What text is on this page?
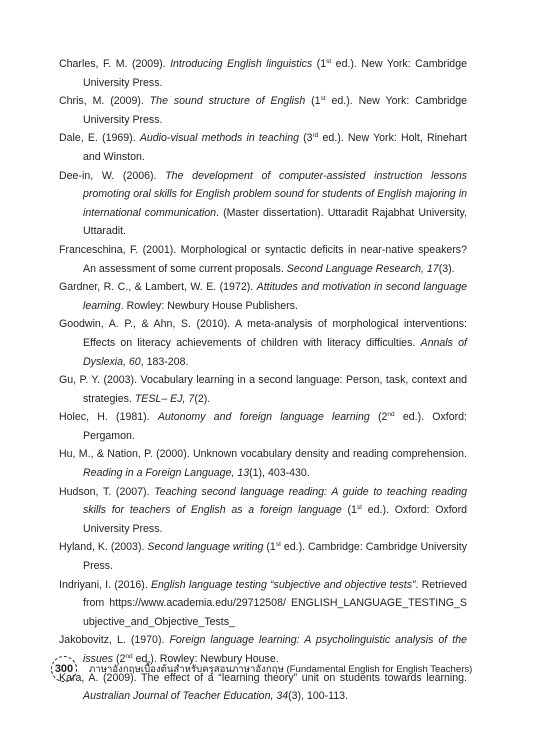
Charles, F. M. (2009). Introducing English linguistics (1st ed.). New York: Cambridge University Press.
Chris, M. (2009). The sound structure of English (1st ed.). New York: Cambridge University Press.
Dale, E. (1969). Audio-visual methods in teaching (3rd ed.). New York: Holt, Rinehart and Winston.
Dee-in, W. (2006). The development of computer-assisted instruction lessons promoting oral skills for English problem sound for students of English majoring in international communication. (Master dissertation). Uttaradit Rajabhat University, Uttaradit.
Franceschina, F. (2001). Morphological or syntactic deficits in near-native speakers? An assessment of some current proposals. Second Language Research, 17(3).
Gardner, R. C., & Lambert, W. E. (1972). Attitudes and motivation in second language learning. Rowley: Newbury House Publishers.
Goodwin, A. P., & Ahn, S. (2010). A meta-analysis of morphological interventions: Effects on literacy achievements of children with literacy difficulties. Annals of Dyslexia, 60, 183-208.
Gu, P. Y. (2003). Vocabulary learning in a second language: Person, task, context and strategies. TESL– EJ, 7(2).
Holec, H. (1981). Autonomy and foreign language learning (2nd ed.). Oxford: Pergamon.
Hu, M., & Nation, P. (2000). Unknown vocabulary density and reading comprehension. Reading in a Foreign Language, 13(1), 403-430.
Hudson, T. (2007). Teaching second language reading: A guide to teaching reading skills for teachers of English as a foreign language (1st ed.). Oxford: Oxford University Press.
Hyland, K. (2003). Second language writing (1st ed.). Cambridge: Cambridge University Press.
Indriyani, I. (2016). English language testing “subjective and objective tests”. Retrieved from https://www.academia.edu/29712508/ ENGLISH_LANGUAGE_TESTING_Subjective_and_Objective_Tests_
Jakobovitz, L. (1970). Foreign language learning: A psycholinguistic analysis of the issues (2nd ed.). Rowley: Newbury House.
Kara, A. (2009). The effect of a “learning theory” unit on students towards learning. Australian Journal of Teacher Education, 34(3), 100-113.
300	ภาษาอังกฤษเบื้องต้นสำหรับครูสอนภาษาอังกฤษ (Fundamental English for English Teachers)
